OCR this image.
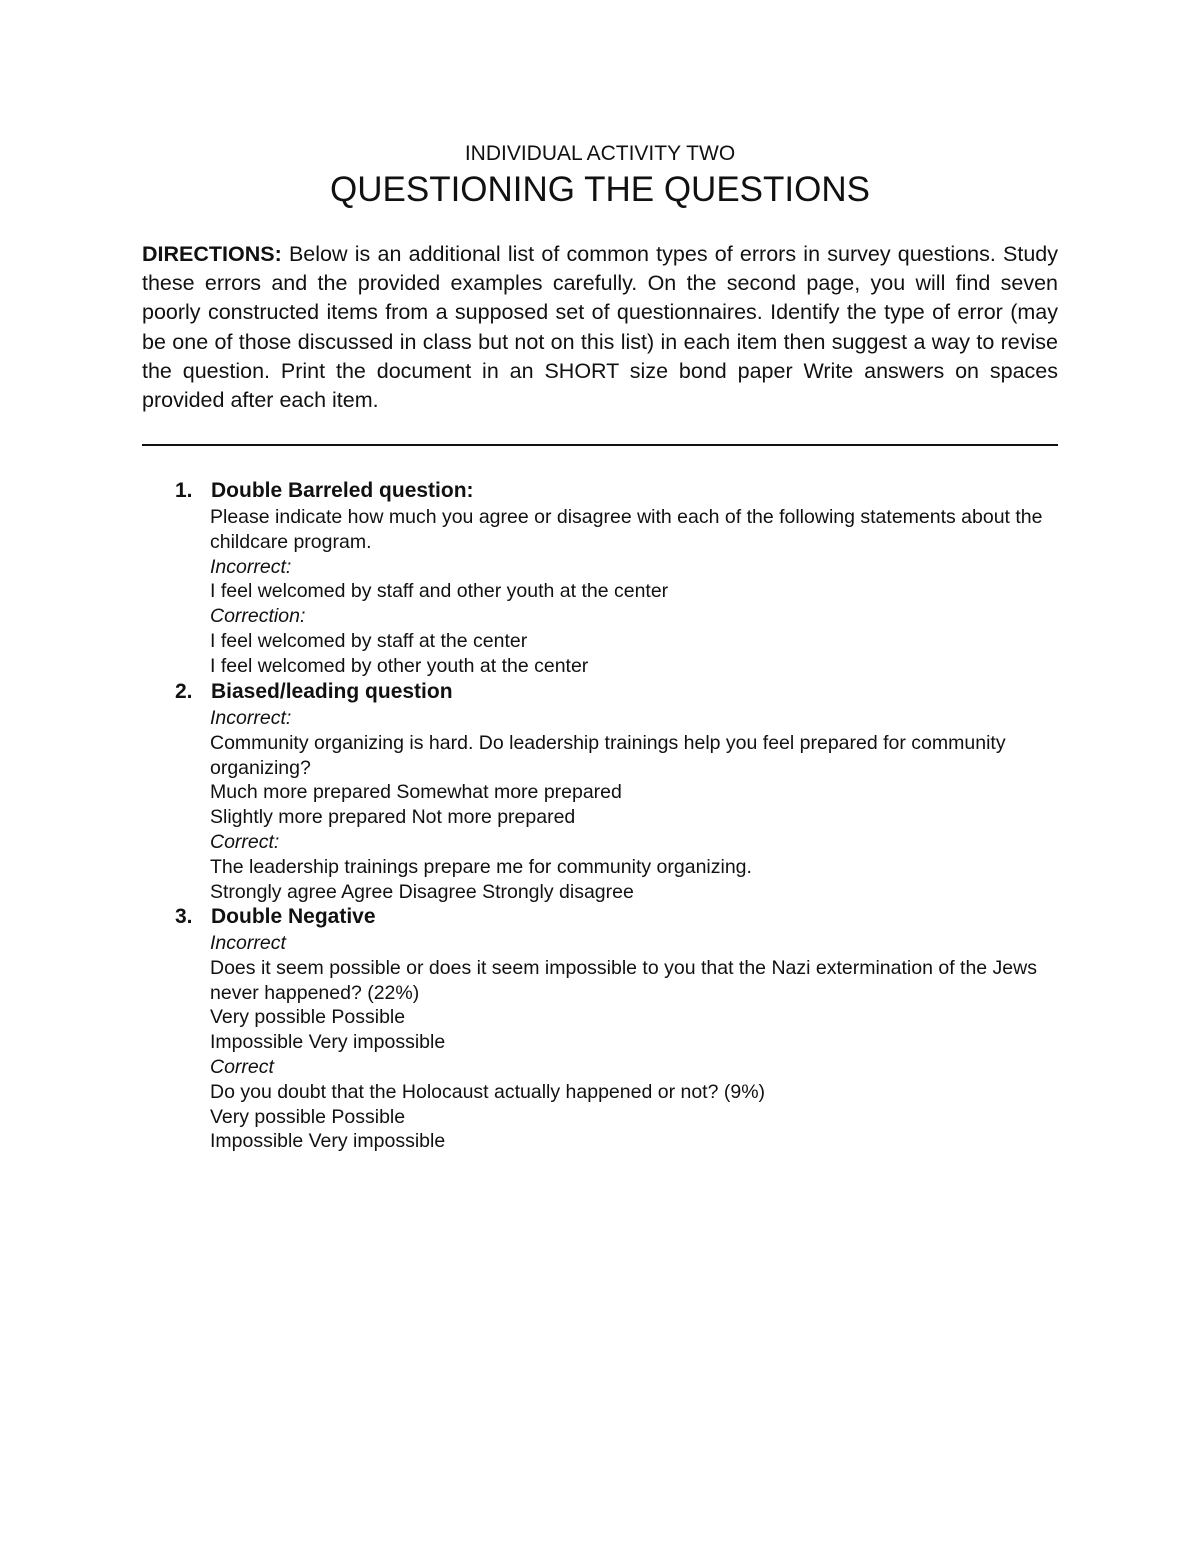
INDIVIDUAL ACTIVITY TWO
QUESTIONING THE QUESTIONS

DIRECTIONS: Below is an additional list of common types of errors in survey questions. Study these errors and the provided examples carefully. On the second page, you will find seven poorly constructed items from a supposed set of questionnaires. Identify the type of error (may be one of those discussed in class but not on this list) in each item then suggest a way to revise the question. Print the document in an SHORT size bond paper Write answers on spaces provided after each item.

1. Double Barreled question:
Please indicate how much you agree or disagree with each of the following statements about the childcare program.
Incorrect:
I feel welcomed by staff and other youth at the center
Correction:
I feel welcomed by staff at the center
I feel welcomed by other youth at the center
2. Biased/leading question
Incorrect:
Community organizing is hard. Do leadership trainings help you feel prepared for community organizing?
Much more prepared Somewhat more prepared
Slightly more prepared Not more prepared
Correct:
The leadership trainings prepare me for community organizing.
Strongly agree Agree Disagree Strongly disagree
3. Double Negative
Incorrect
Does it seem possible or does it seem impossible to you that the Nazi extermination of the Jews never happened? (22%)
Very possible Possible
Impossible Very impossible
Correct
Do you doubt that the Holocaust actually happened or not? (9%)
Very possible Possible
Impossible Very impossible
